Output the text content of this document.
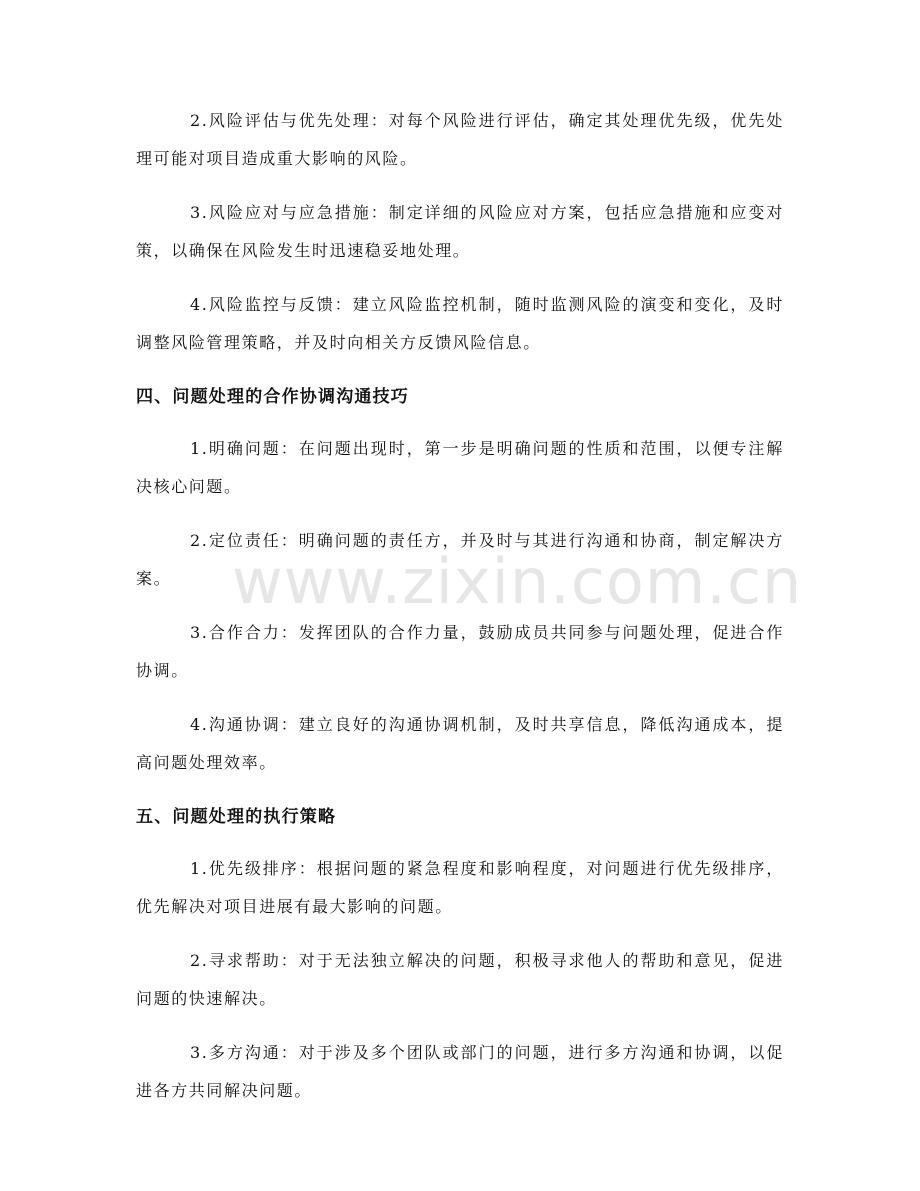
www.zixin.com.cn

2.风险评估与优先处理：对每个风险进行评估，确定其处理优先级，优先处理可能对项目造成重大影响的风险。

3.风险应对与应急措施：制定详细的风险应对方案，包括应急措施和应变对策，以确保在风险发生时迅速稳妥地处理。

4.风险监控与反馈：建立风险监控机制，随时监测风险的演变和变化，及时调整风险管理策略，并及时向相关方反馈风险信息。

四、问题处理的合作协调沟通技巧

1.明确问题：在问题出现时，第一步是明确问题的性质和范围，以便专注解决核心问题。

2.定位责任：明确问题的责任方，并及时与其进行沟通和协商，制定解决方案。

3.合作合力：发挥团队的合作力量，鼓励成员共同参与问题处理，促进合作协调。

4.沟通协调：建立良好的沟通协调机制，及时共享信息，降低沟通成本，提高问题处理效率。

五、问题处理的执行策略

1.优先级排序：根据问题的紧急程度和影响程度，对问题进行优先级排序，优先解决对项目进展有最大影响的问题。

2.寻求帮助：对于无法独立解决的问题，积极寻求他人的帮助和意见，促进问题的快速解决。

3.多方沟通：对于涉及多个团队或部门的问题，进行多方沟通和协调，以促进各方共同解决问题。
